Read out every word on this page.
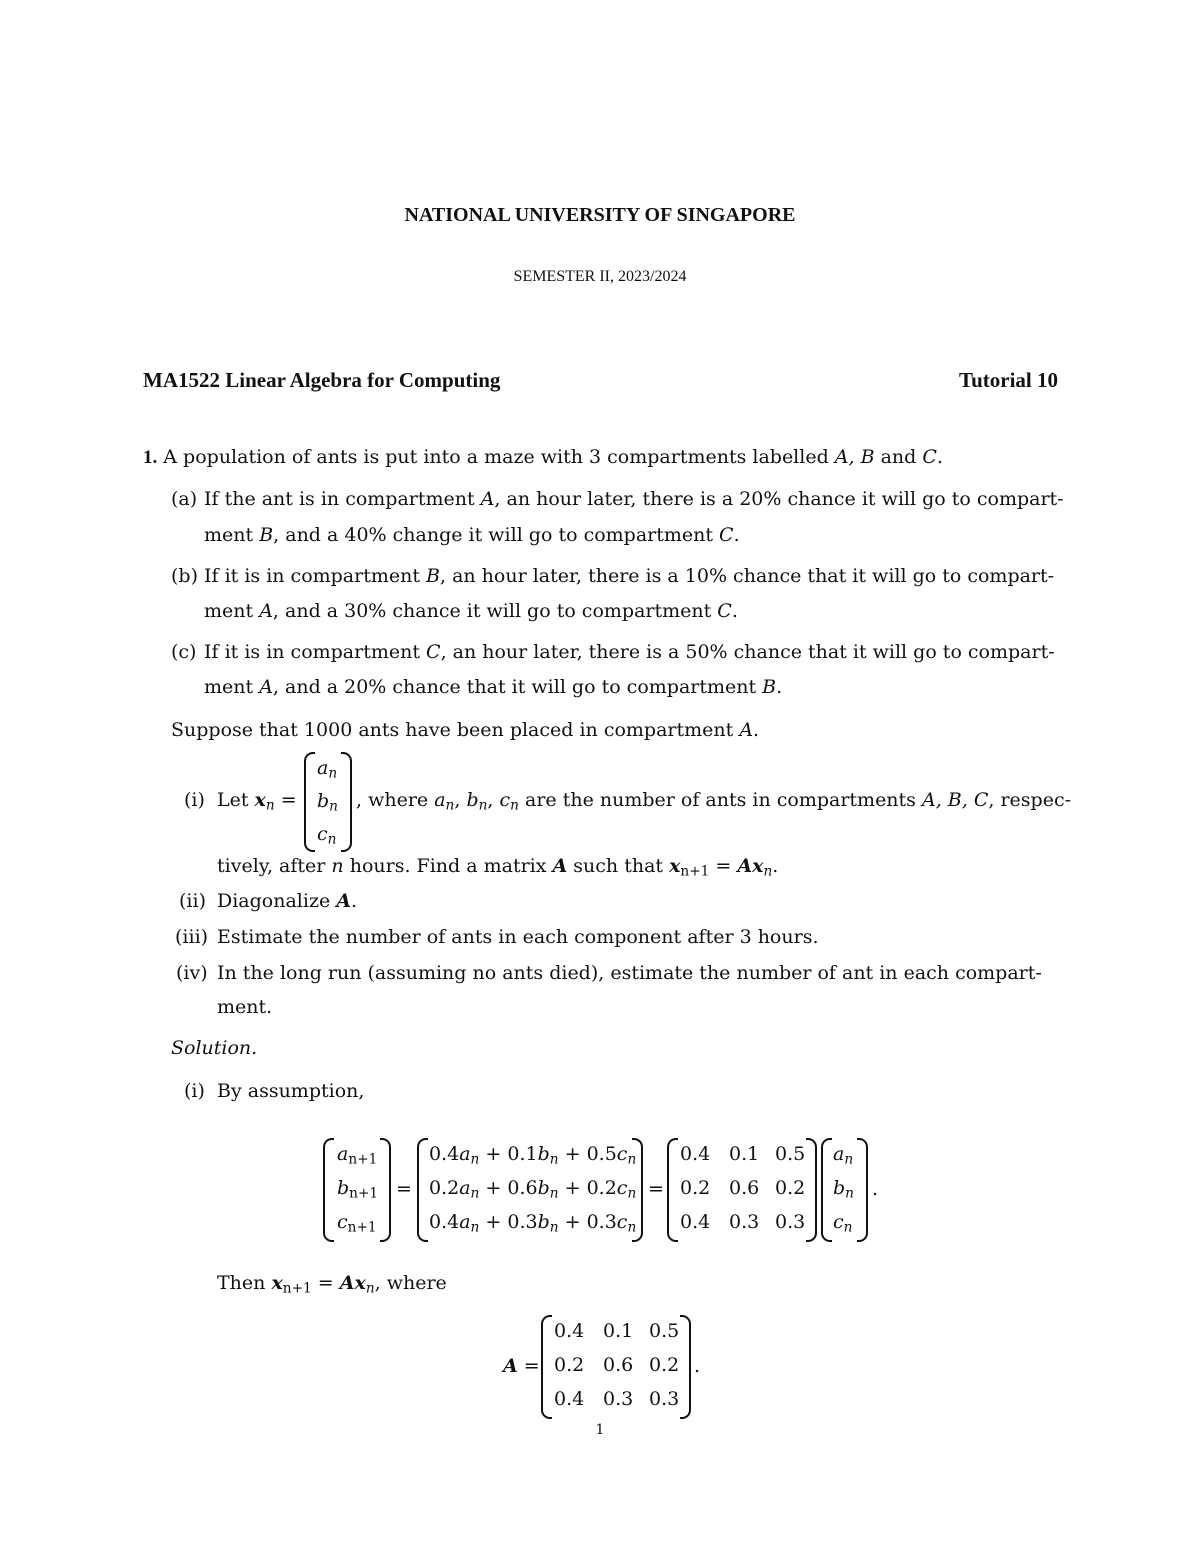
NATIONAL UNIVERSITY OF SINGAPORE
SEMESTER II, 2023/2024
MA1522 Linear Algebra for Computing	Tutorial 10
1. A population of ants is put into a maze with 3 compartments labelled A, B and C.
(a) If the ant is in compartment A, an hour later, there is a 20% chance it will go to compart-
ment B, and a 40% change it will go to compartment C.
(b) If it is in compartment B, an hour later, there is a 10% chance that it will go to compart-
ment A, and a 30% chance it will go to compartment C.
(c) If it is in compartment C, an hour later, there is a 50% chance that it will go to compart-
ment A, and a 20% chance that it will go to compartment B.
Suppose that 1000 ants have been placed in compartment A.
(i) Let $x_n$ =
$a_n$
$b_n$
$c_n$
, where $a_n$, $b_n$, $c_n$ are the number of ants in compartments A, B, C, respec-
tively, after n hours. Find a matrix A such that $x_{n+1} = Ax_n$.
(ii) Diagonalize A.
(iii) Estimate the number of ants in each component after 3 hours.
(iv) In the long run (assuming no ants died), estimate the number of ant in each compart-
ment.
Solution.
(i) By assumption,
$a_{n+1}$
$b_{n+1}$
$c_{n+1}$
=
$0.4a_n + 0.1b_n + 0.5c_n$
$0.2a_n + 0.6b_n + 0.2c_n$
$0.4a_n + 0.3b_n + 0.3c_n$
=
0.4 0.1 0.5
0.2 0.6 0.2
0.4 0.3 0.3
$a_n$
$b_n$
$c_n$
.
Then $x_{n+1} = Ax_n$, where
A =
0.4 0.1 0.5
0.2 0.6 0.2
0.4 0.3 0.3
.
1
